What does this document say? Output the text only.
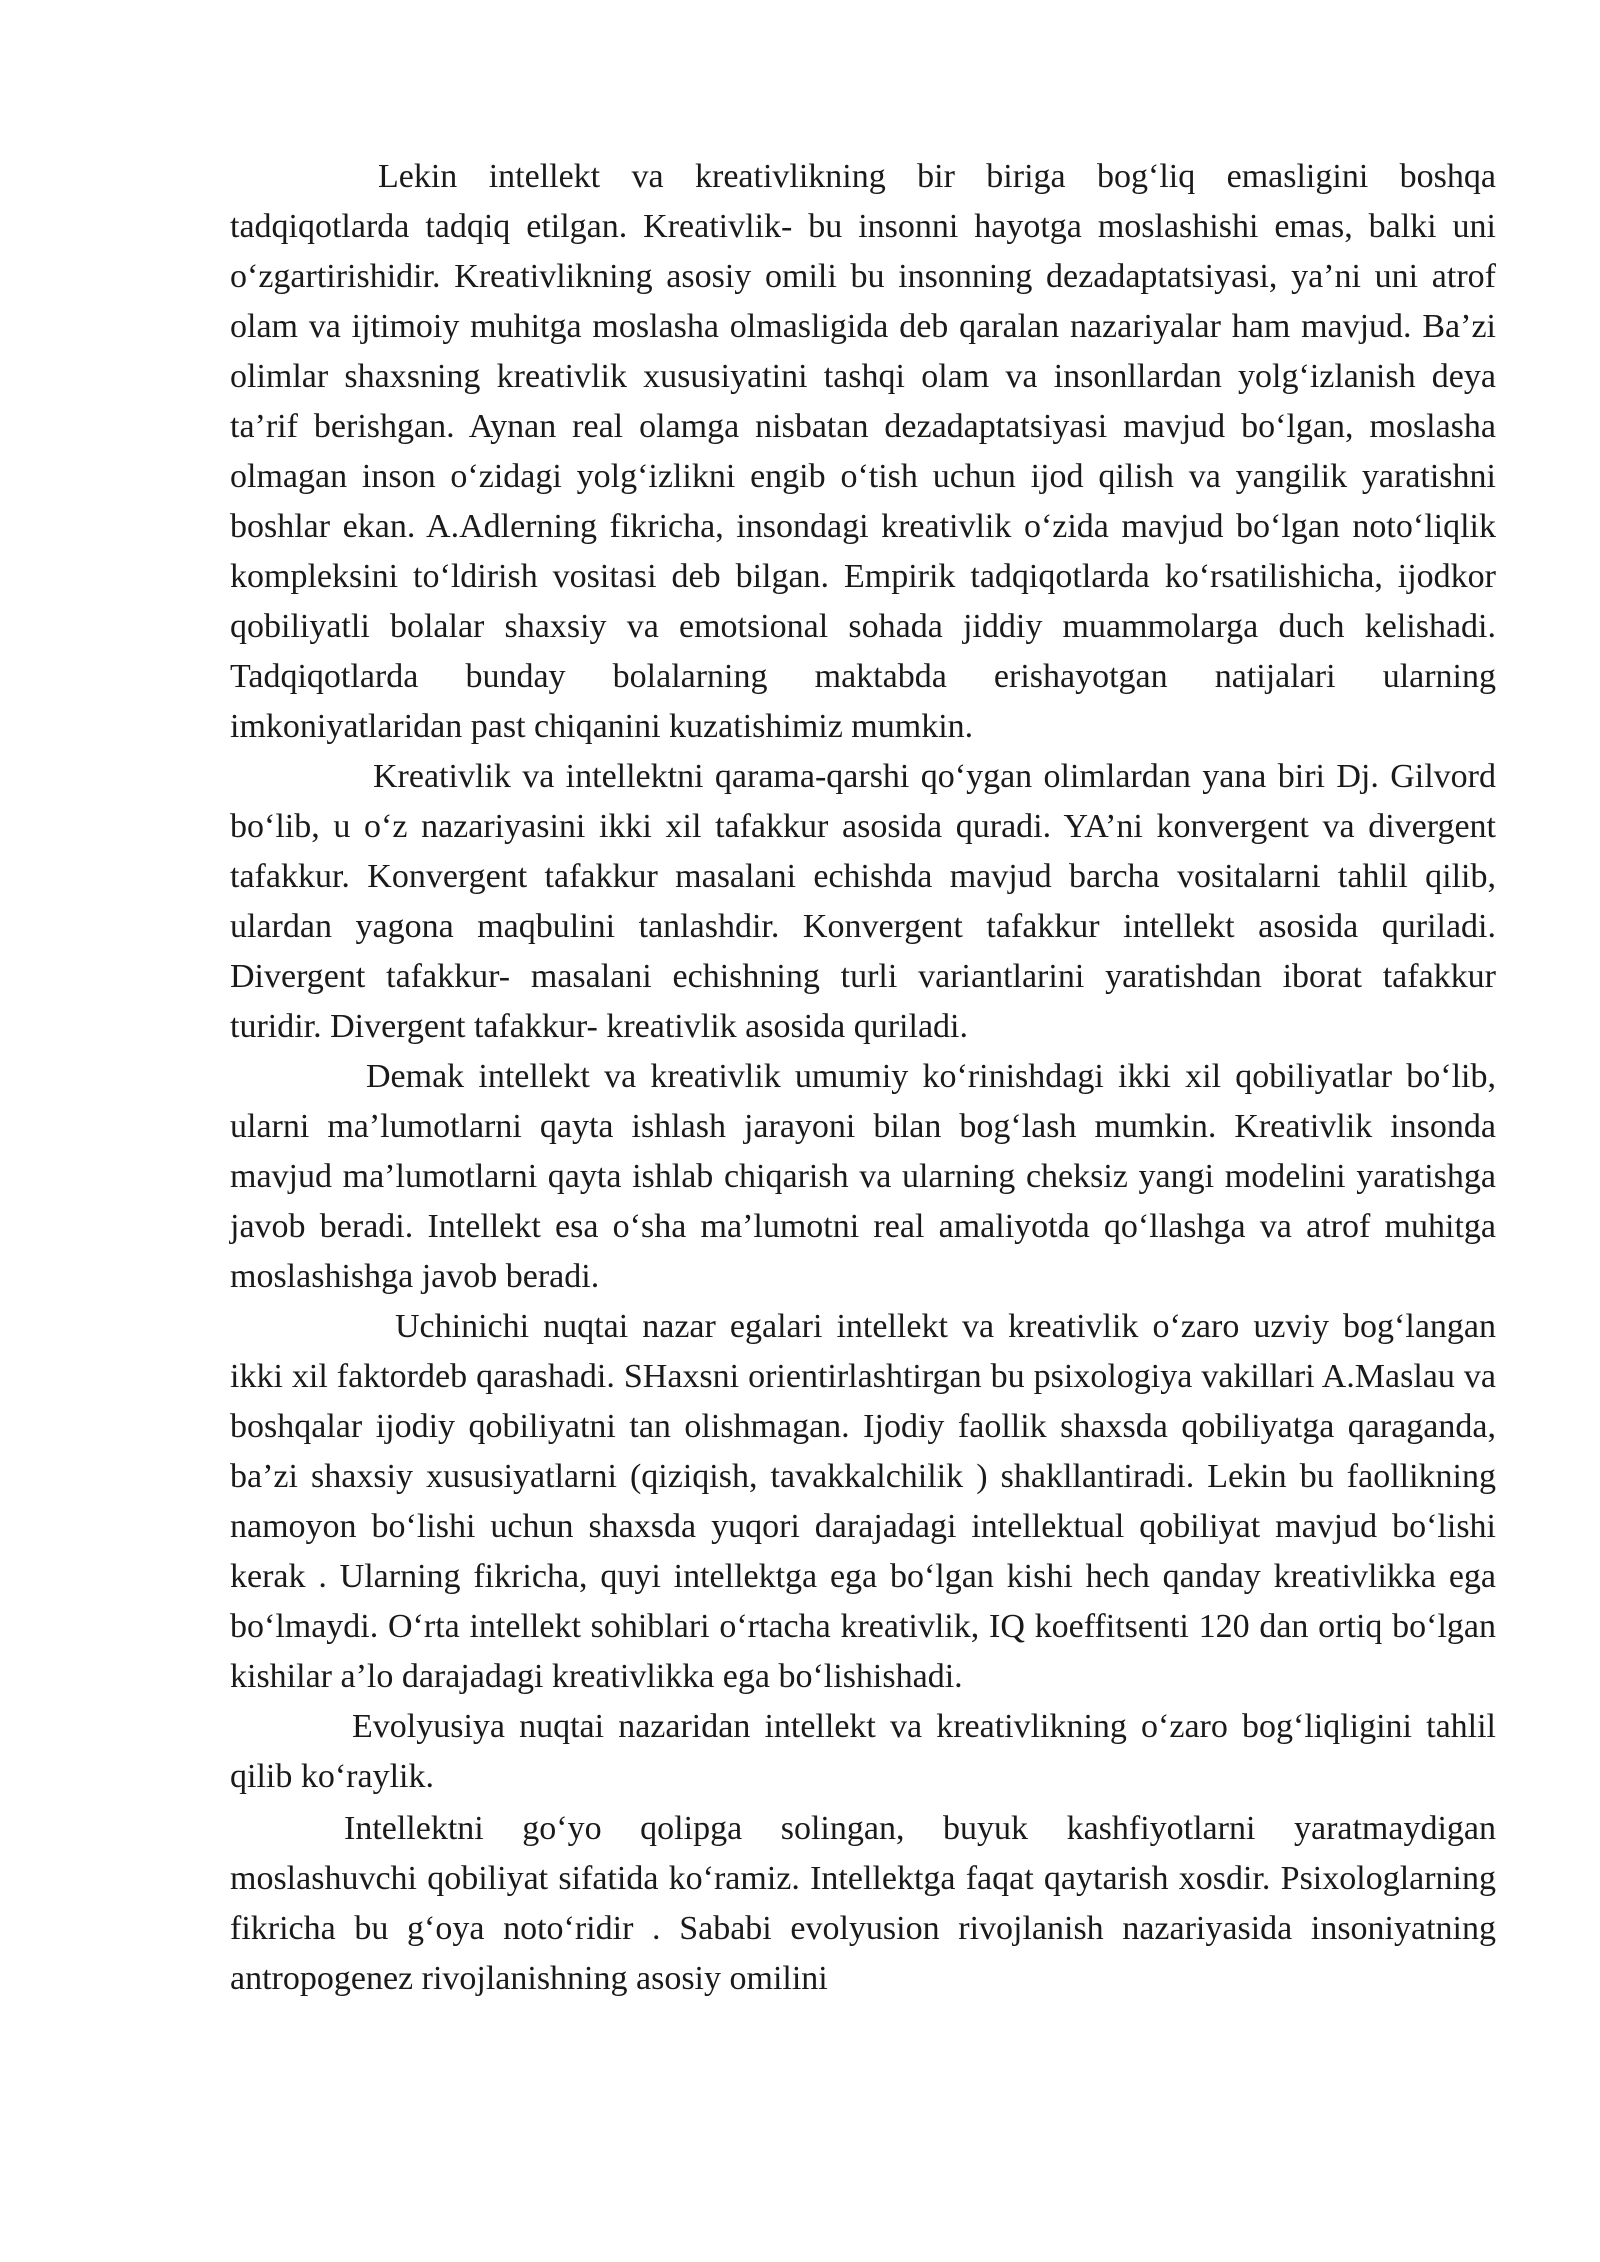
Lekin intellekt va kreativlikning bir biriga bog‘liq emasligini boshqa tadqiqotlarda tadqiq etilgan. Kreativlik- bu insonni hayotga moslashishi emas, balki uni o‘zgartirishidir. Kreativlikning asosiy omili bu insonning dezadaptatsiyasi, ya’ni uni atrof olam va ijtimoiy muhitga moslasha olmasligida deb qaralan nazariyalar ham mavjud. Ba’zi olimlar shaxsning kreativlik xususiyatini tashqi olam va insonllardan yolg‘izlanish deya ta’rif berishgan. Aynan real olamga nisbatan dezadaptatsiyasi mavjud bo‘lgan, moslasha olmagan inson o‘zidagi yolg‘izlikni engib o‘tish uchun ijod qilish va yangilik yaratishni boshlar ekan. A.Adlerning fikricha, insondagi kreativlik o‘zida mavjud bo‘lgan noto‘liqlik kompleksini to‘ldirish vositasi deb bilgan. Empirik tadqiqotlarda ko‘rsatilishicha, ijodkor qobiliyatli bolalar shaxsiy va emotsional sohada jiddiy muammolarga duch kelishadi. Tadqiqotlarda bunday bolalarning maktabda erishayotgan natijalari ularning imkoniyatlaridan past chiqanini kuzatishimiz mumkin.

Kreativlik va intellektni qarama-qarshi qo‘ygan olimlardan yana biri Dj. Gilvord bo‘lib, u o‘z nazariyasini ikki xil tafakkur asosida quradi. YA’ni konvergent va divergent tafakkur. Konvergent tafakkur masalani echishda mavjud barcha vositalarni tahlil qilib, ulardan yagona maqbulini tanlashdir. Konvergent tafakkur intellekt asosida quriladi. Divergent tafakkur- masalani echishning turli variantlarini yaratishdan iborat tafakkur turidir. Divergent tafakkur- kreativlik asosida quriladi.

Demak intellekt va kreativlik umumiy ko‘rinishdagi ikki xil qobiliyatlar bo‘lib, ularni ma’lumotlarni qayta ishlash jarayoni bilan bog‘lash mumkin. Kreativlik insonda mavjud ma’lumotlarni qayta ishlab chiqarish va ularning cheksiz yangi modelini yaratishga javob beradi. Intellekt esa o‘sha ma’lumotni real amaliyotda qo‘llashga va atrof muhitga moslashishga javob beradi.

Uchinichi nuqtai nazar egalari intellekt va kreativlik o‘zaro uzviy bog‘langan ikki xil faktordeb qarashadi. SHaxsni orientirlashtirgan bu psixologiya vakillari A.Maslau va boshqalar ijodiy qobiliyatni tan olishmagan. Ijodiy faollik shaxsda qobiliyatga qaraganda, ba’zi shaxsiy xususiyatlarni (qiziqish, tavakkalchilik ) shakllantiradi. Lekin bu faollikning namoyon bo‘lishi uchun shaxsda yuqori darajadagi intellektual qobiliyat mavjud bo‘lishi kerak . Ularning fikricha, quyi intellektga ega bo‘lgan kishi hech qanday kreativlikka ega bo‘lmaydi. O‘rta intellekt sohiblari o‘rtacha kreativlik, IQ koeffitsenti 120 dan ortiq bo‘lgan kishilar a’lo darajadagi kreativlikka ega bo‘lishishadi.

Evolyusiya nuqtai nazaridan intellekt va kreativlikning o‘zaro bog‘liqligini tahlil qilib ko‘raylik.

Intellektni go‘yo qolipga solingan, buyuk kashfiyotlarni yaratmaydigan moslashuvchi qobiliyat sifatida ko‘ramiz. Intellektga faqat qaytarish xosdir. Psixologlarning fikricha bu g‘oya noto‘ridir . Sababi evolyusion rivojlanish nazariyasida insoniyatning antropogenez rivojlanishning asosiy omilini
